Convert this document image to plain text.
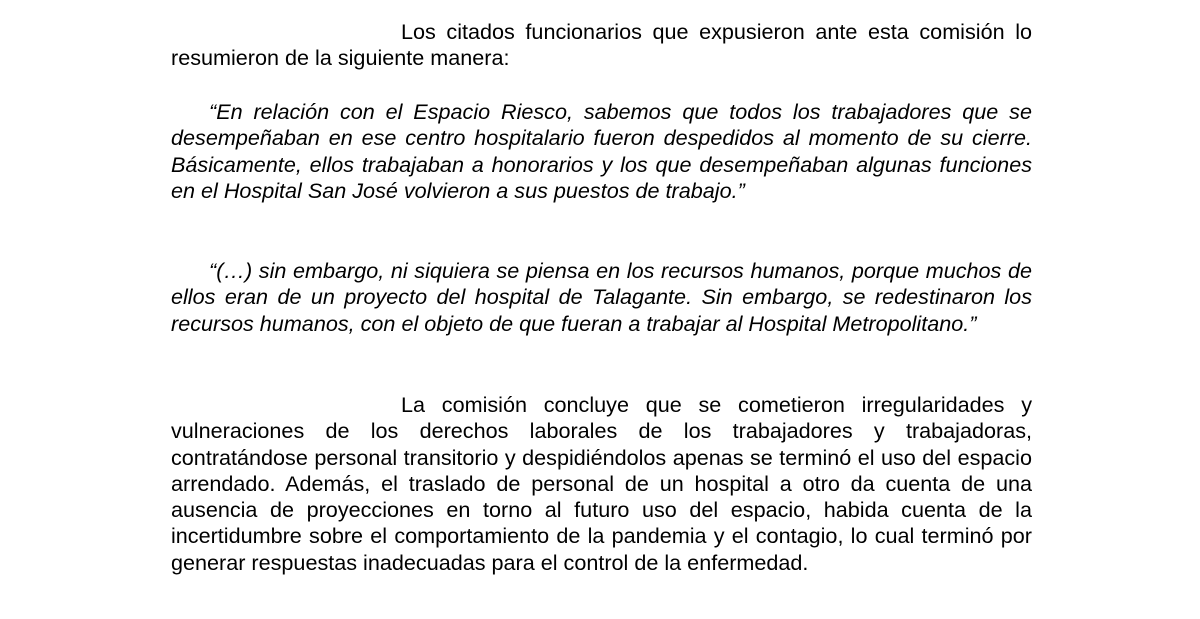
Los citados funcionarios que expusieron ante esta comisión lo resumieron de la siguiente manera:

“En relación con el Espacio Riesco, sabemos que todos los trabajadores que se desempeñaban en ese centro hospitalario fueron despedidos al momento de su cierre. Básicamente, ellos trabajaban a honorarios y los que desempeñaban algunas funciones en el Hospital San José volvieron a sus puestos de trabajo.”

“(…) sin embargo, ni siquiera se piensa en los recursos humanos, porque muchos de ellos eran de un proyecto del hospital de Talagante. Sin embargo, se redestinaron los recursos humanos, con el objeto de que fueran a trabajar al Hospital Metropolitano.”

La comisión concluye que se cometieron irregularidades y vulneraciones de los derechos laborales de los trabajadores y trabajadoras, contratándose personal transitorio y despidiéndolos apenas se terminó el uso del espacio arrendado. Además, el traslado de personal de un hospital a otro da cuenta de una ausencia de proyecciones en torno al futuro uso del espacio, habida cuenta de la incertidumbre sobre el comportamiento de la pandemia y el contagio, lo cual terminó por generar respuestas inadecuadas para el control de la enfermedad.
